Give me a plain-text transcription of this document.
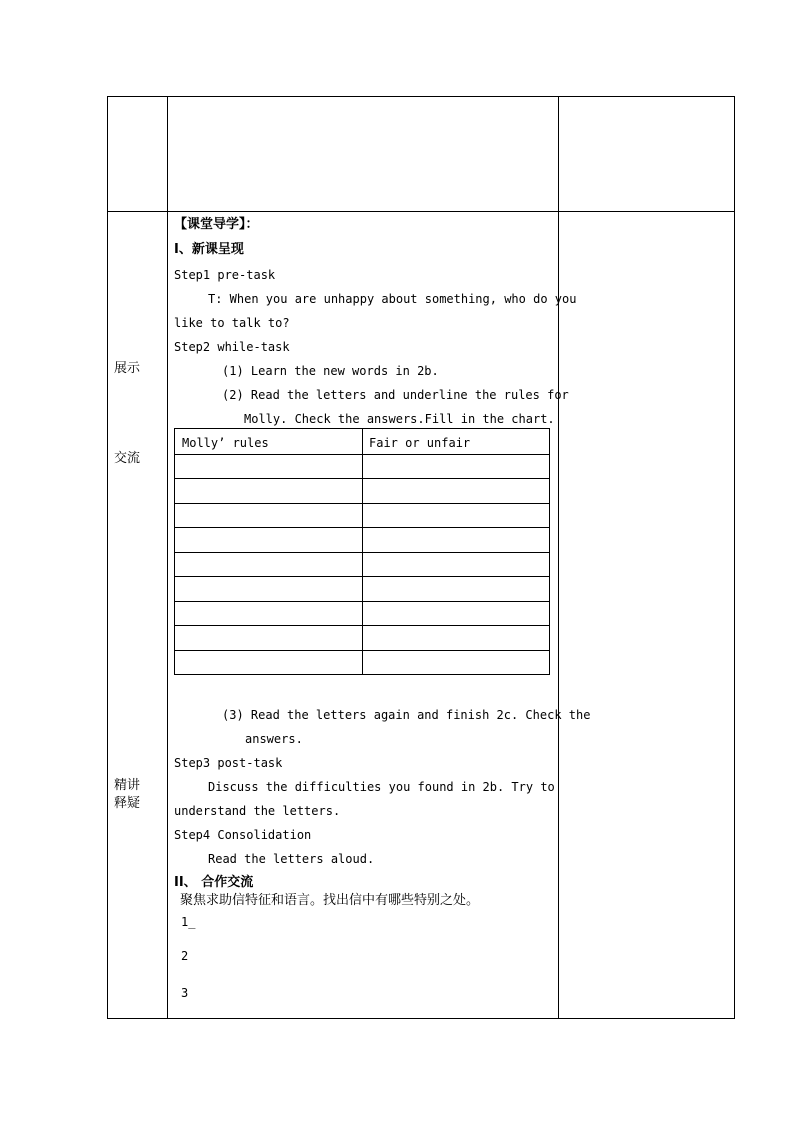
展示
交流
精讲
释疑
【课堂导学】：
I、新课呈现
Step1 pre-task
T: When you are unhappy about something, who do you
like to talk to?
Step2 while-task
(1) Learn the new words in 2b.
(2) Read the letters and underline the rules for
Molly. Check the answers.Fill in the chart.
Molly’ rules	Fair or unfair
(3) Read the letters again and finish 2c. Check the
answers.
Step3 post-task
Discuss the difficulties you found in 2b. Try to
understand the letters.
Step4 Consolidation
Read the letters aloud.
II、 合作交流
聚焦求助信特征和语言。找出信中有哪些特别之处。
1_
2
3
